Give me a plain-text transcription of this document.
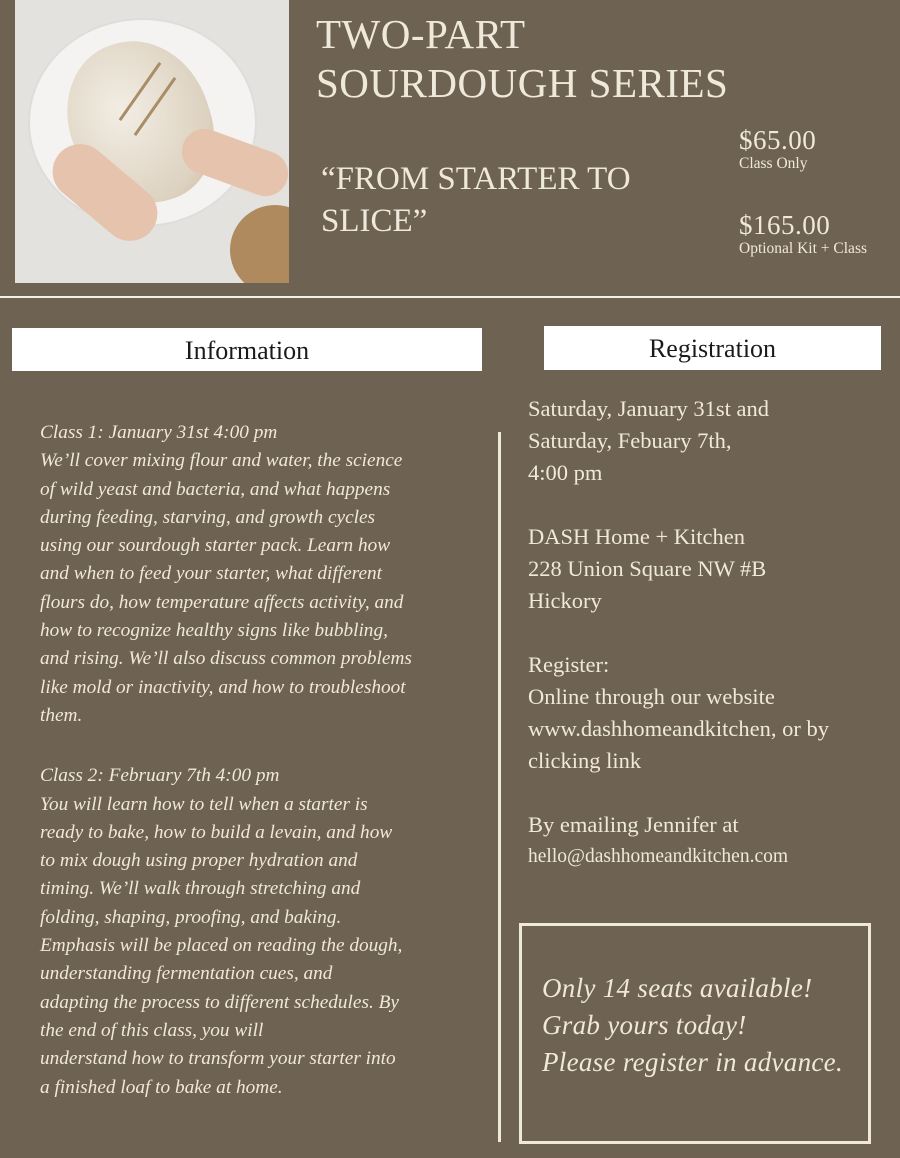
TWO-PART
SOURDOUGH SERIES
“FROM STARTER TO
SLICE”
$65.00
Class Only
$165.00
Optional Kit + Class
Information	Registration
Class 1: January 31st 4:00 pm
We’ll cover mixing flour and water, the science
of wild yeast and bacteria, and what happens
during feeding, starving, and growth cycles
using our sourdough starter pack. Learn how
and when to feed your starter, what different
flours do, how temperature affects activity, and
how to recognize healthy signs like bubbling,
and rising. We’ll also discuss common problems
like mold or inactivity, and how to troubleshoot
them.
Class 2: February 7th 4:00 pm
You will learn how to tell when a starter is
ready to bake, how to build a levain, and how
to mix dough using proper hydration and
timing. We’ll walk through stretching and
folding, shaping, proofing, and baking.
Emphasis will be placed on reading the dough,
understanding fermentation cues, and
adapting the process to different schedules. By
the end of this class, you will
understand how to transform your starter into
a finished loaf to bake at home.
Saturday, January 31st and
Saturday, Febuary 7th,
4:00 pm
DASH Home + Kitchen
228 Union Square NW #B
Hickory
Register:
Online through our website
www.dashhomeandkitchen, or by
clicking link
By emailing Jennifer at
hello@dashhomeandkitchen.com
Only 14 seats available!
Grab yours today!
Please register in advance.
